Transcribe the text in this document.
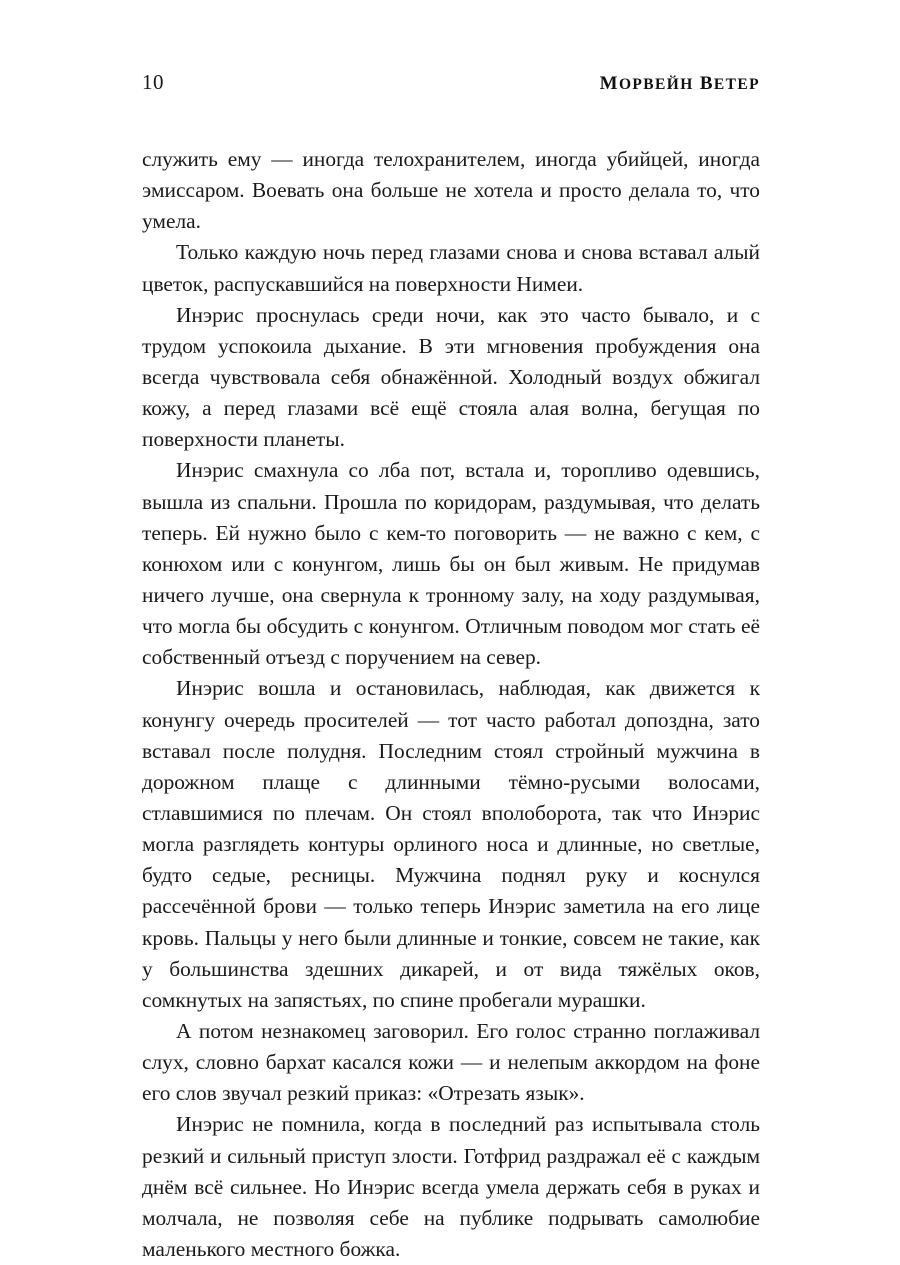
10	МОРВЕЙН ВЕТЕР

служить ему — иногда телохранителем, иногда убийцей, иногда эмиссаром. Воевать она больше не хотела и просто делала то, что умела.

Только каждую ночь перед глазами снова и снова вставал алый цветок, распускавшийся на поверхности Нимеи.

Инэрис проснулась среди ночи, как это часто бывало, и с трудом успокоила дыхание. В эти мгновения пробуждения она всегда чувствовала себя обнажённой. Холодный воздух обжигал кожу, а перед глазами всё ещё стояла алая волна, бегущая по поверхности планеты.

Инэрис смахнула со лба пот, встала и, торопливо одевшись, вышла из спальни. Прошла по коридорам, раздумывая, что делать теперь. Ей нужно было с кем-то поговорить — не важно с кем, с конюхом или с конунгом, лишь бы он был живым. Не придумав ничего лучше, она свернула к тронному залу, на ходу раздумывая, что могла бы обсудить с конунгом. Отличным поводом мог стать её собственный отъезд с поручением на север.

Инэрис вошла и остановилась, наблюдая, как движется к конунгу очередь просителей — тот часто работал допоздна, зато вставал после полудня. Последним стоял стройный мужчина в дорожном плаще с длинными тёмно-русыми волосами, стлавшимися по плечам. Он стоял вполоборота, так что Инэрис могла разглядеть контуры орлиного носа и длинные, но светлые, будто седые, ресницы. Мужчина поднял руку и коснулся рассечённой брови — только теперь Инэрис заметила на его лице кровь. Пальцы у него были длинные и тонкие, совсем не такие, как у большинства здешних дикарей, и от вида тяжёлых оков, сомкнутых на запястьях, по спине пробегали мурашки.

А потом незнакомец заговорил. Его голос странно поглаживал слух, словно бархат касался кожи — и нелепым аккордом на фоне его слов звучал резкий приказ: «Отрезать язык».

Инэрис не помнила, когда в последний раз испытывала столь резкий и сильный приступ злости. Готфрид раздражал её с каждым днём всё сильнее. Но Инэрис всегда умела держать себя в руках и молчала, не позволяя себе на публике подрывать самолюбие маленького местного божка.
